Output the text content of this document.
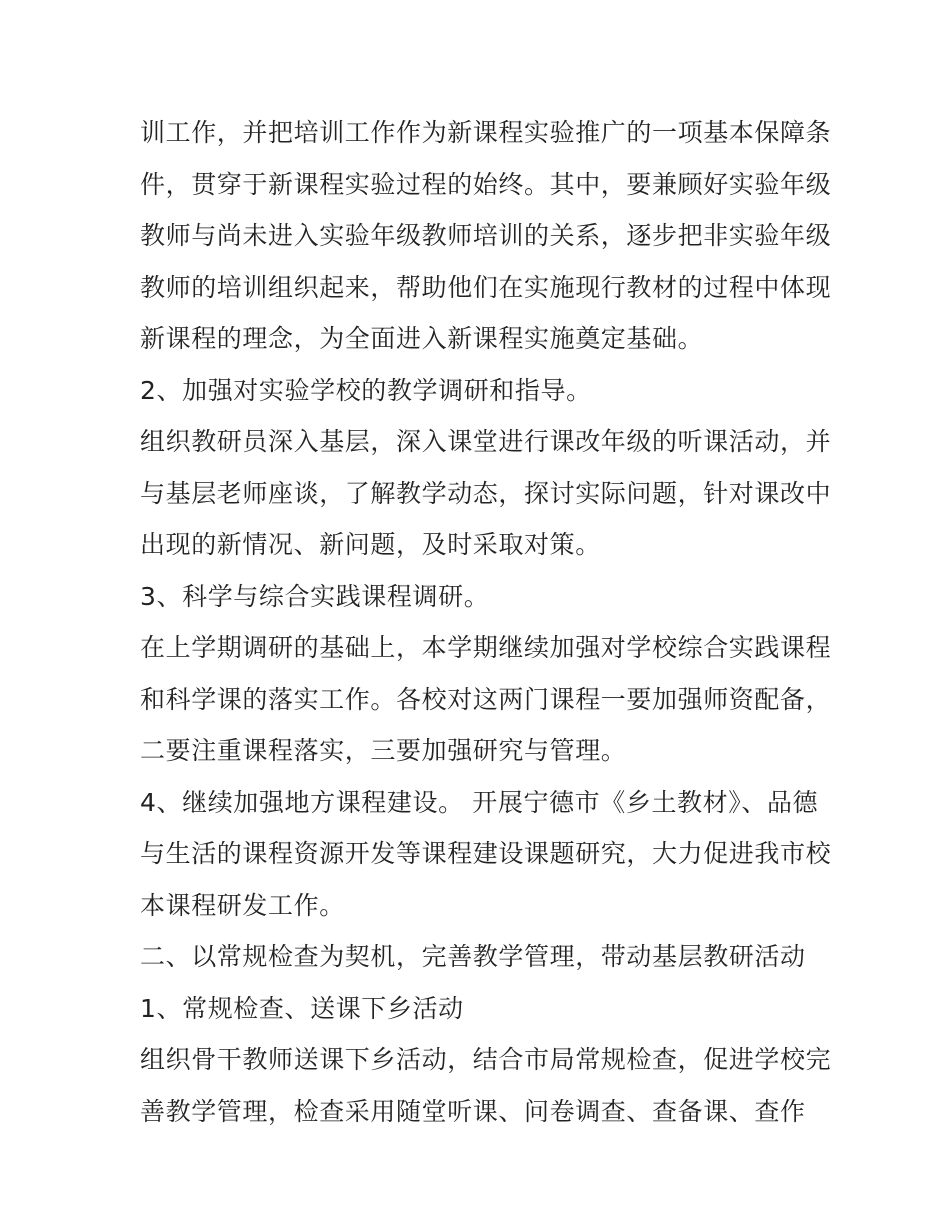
训工作，并把培训工作作为新课程实验推广的一项基本保障条
件，贯穿于新课程实验过程的始终。其中，要兼顾好实验年级
教师与尚未进入实验年级教师培训的关系，逐步把非实验年级
教师的培训组织起来，帮助他们在实施现行教材的过程中体现
新课程的理念，为全面进入新课程实施奠定基础。
2、加强对实验学校的教学调研和指导。
组织教研员深入基层，深入课堂进行课改年级的听课活动，并
与基层老师座谈，了解教学动态，探讨实际问题，针对课改中
出现的新情况、新问题，及时采取对策。
3、科学与综合实践课程调研。
在上学期调研的基础上，本学期继续加强对学校综合实践课程
和科学课的落实工作。各校对这两门课程一要加强师资配备，
二要注重课程落实，三要加强研究与管理。
4、继续加强地方课程建设。 开展宁德市《乡土教材》、品德
与生活的课程资源开发等课程建设课题研究，大力促进我市校
本课程研发工作。
二、以常规检查为契机，完善教学管理，带动基层教研活动
1、常规检查、送课下乡活动
组织骨干教师送课下乡活动，结合市局常规检查，促进学校完
善教学管理，检查采用随堂听课、问卷调查、查备课、查作
